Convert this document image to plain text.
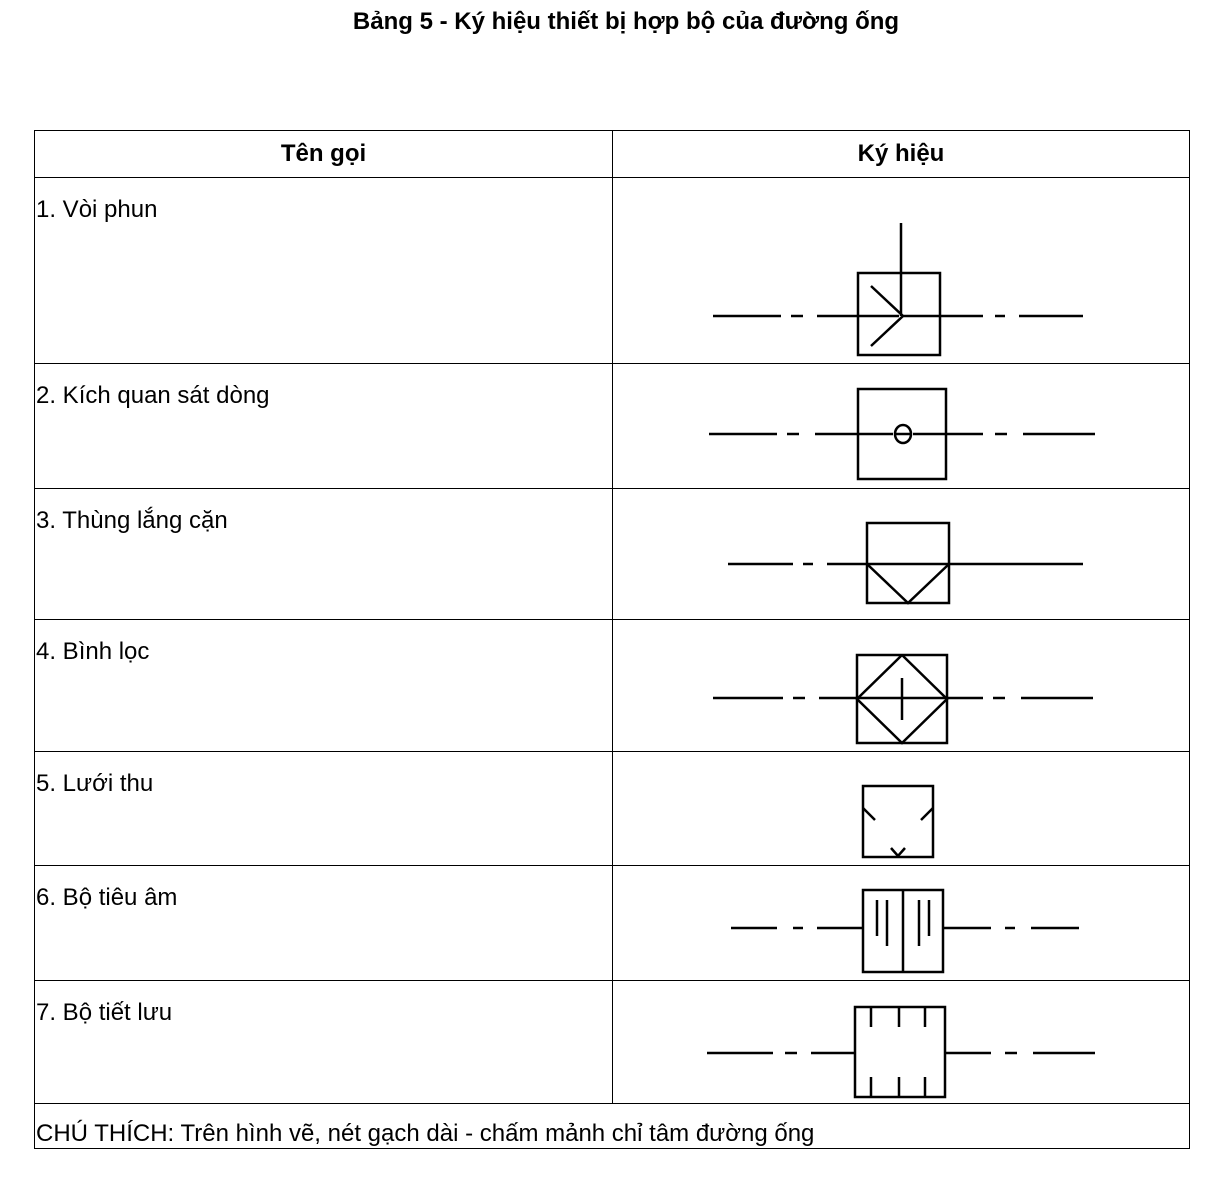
Bảng 5 - Ký hiệu thiết bị hợp bộ của đường ống
Tên gọi	Ký hiệu
1. Vòi phun	

2. Kích quan sát dòng	

3. Thùng lắng cặn	

4. Bình lọc	

5. Lưới thu	

6. Bộ tiêu âm	

7. Bộ tiết lưu	

CHÚ THÍCH: Trên hình vẽ, nét gạch dài - chấm mảnh chỉ tâm đường ống	
